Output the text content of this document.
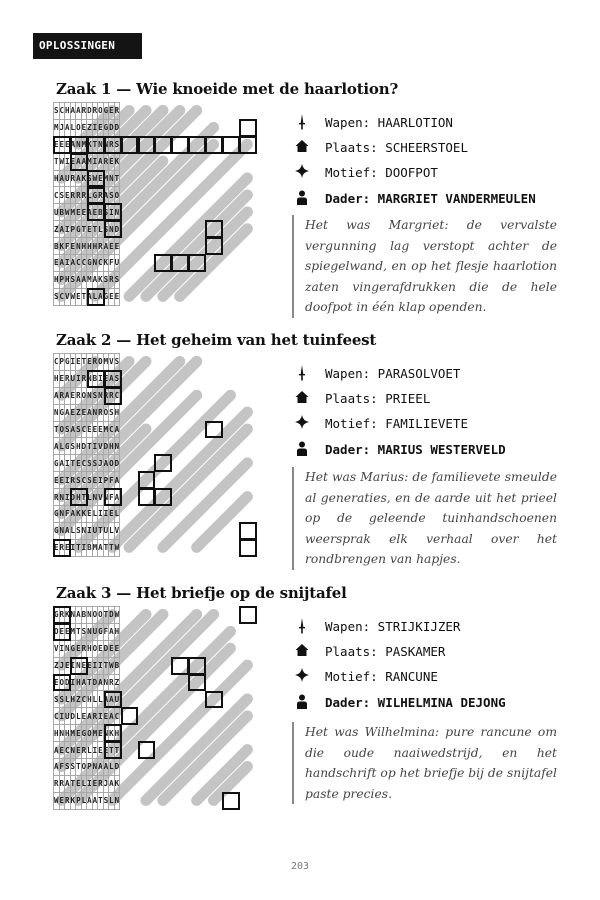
OPLOSSINGEN
Zaak 1 — Wie knoeide met de haarlotion?
S	C	H	A	A	R	D	R	O	G	E	R
M	J	A	L	O	E	Z	I	E	G	D	D
E	E	E	A	N	M	K	T	N	N	R	S
T	W	I	E	A	A	M	I	A	R	E	K
H	A	U	R	A	K	S	W	E	M	N	T
C	S	E	R	R	R	L	G	R	A	S	O
U	B	W	M	E	E	A	E	B	S	I	N
Z	A	I	P	G	T	E	T	L	S	N	D
B	K	F	E	N	H	H	H	R	A	E	E
E	A	I	A	C	C	G	N	C	K	F	U
H	P	H	S	A	A	M	A	K	S	R	S
S	C	V	W	E	T	A	L	A	G	E	E
Wapen: HAARLOTION
Plaats: SCHEERSTOEL
Motief: DOOFPOT
Dader: MARGRIET VANDERMEULEN
Het was Margriet: de vervalste vergunning lag verstopt achter de spiegelwand, en op het flesje haarlotion zaten vingerafdrukken die de hele doofpot in één klap openden.
Zaak 2 — Het geheim van het tuinfeest
C	P	G	I	E	T	E	R	O	M	V	S
H	E	R	U	I	R	N	B	I	E	A	S
A	R	A	E	R	O	N	S	N	R	R	C
N	G	A	E	Z	E	A	N	R	O	S	H
T	O	S	A	S	C	E	E	E	M	C	A
A	L	G	S	H	D	T	I	V	D	H	N
G	A	I	T	E	C	S	S	J	A	O	D
E	E	I	R	S	C	S	E	I	P	F	A
R	N	I	D	H	T	L	N	V	N	F	A
G	N	F	A	K	K	E	L	I	I	E	L
G	N	A	L	S	N	I	U	T	U	L	V
E	R	E	I	T	I	B	M	A	T	T	W
Wapen: PARASOLVOET
Plaats: PRIEEL
Motief: FAMILIEVETE
Dader: MARIUS WESTERVELD
Het was Marius: de familievete smeulde al generaties, en de aarde uit het prieel op de geleende tuinhandschoenen weersprak elk verhaal over het rondbrengen van hapjes.
Zaak 3 — Het briefje op de snijtafel
G	R	K	N	A	B	N	O	O	T	D	W
O	E	E	M	T	S	N	U	G	F	A	H
V	I	N	G	E	R	H	O	E	D	E	E
Z	J	E	I	N	E	E	I	I	T	W	B
E	O	D	I	H	A	T	D	A	N	R	Z
S	S	L	H	Z	C	H	L	L	A	A	U
C	I	U	D	L	E	A	R	I	E	A	C
H	N	H	M	E	G	O	M	E	N	K	H
A	E	C	N	E	R	L	I	E	E	T	T
A	F	S	S	T	O	P	N	A	A	L	D
R	R	A	T	E	L	I	E	R	J	A	K
W	E	R	K	P	L	A	A	T	S	L	N
Wapen: STRIJKIJZER
Plaats: PASKAMER
Motief: RANCUNE
Dader: WILHELMINA DEJONG
Het was Wilhelmina: pure rancune om die oude naaiwedstrijd, en het handschrift op het briefje bij de snijtafel paste precies.
203
